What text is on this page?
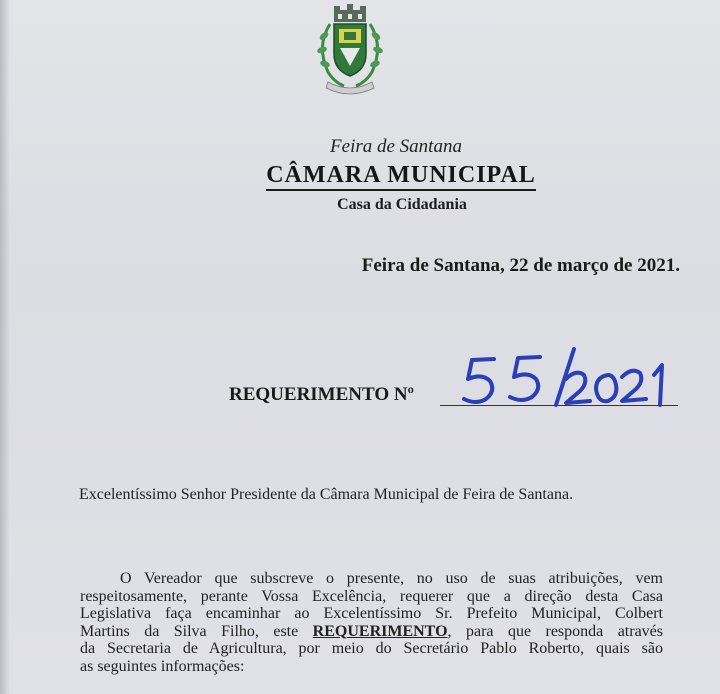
Feira de Santana
CÂMARA MUNICIPAL
Casa da Cidadania
Feira de Santana, 22 de março de 2021.
REQUERIMENTO Nº
Excelentíssimo Senhor Presidente da Câmara Municipal de Feira de Santana.
O Vereador que subscreve o presente, no uso de suas atribuições, vem
respeitosamente, perante Vossa Excelência, requerer que a direção desta Casa
Legislativa faça encaminhar ao Excelentíssimo Sr. Prefeito Municipal, Colbert
Martins da Silva Filho, este REQUERIMENTO, para que responda através
da Secretaria de Agricultura, por meio do Secretário Pablo Roberto, quais são
as seguintes informações:
